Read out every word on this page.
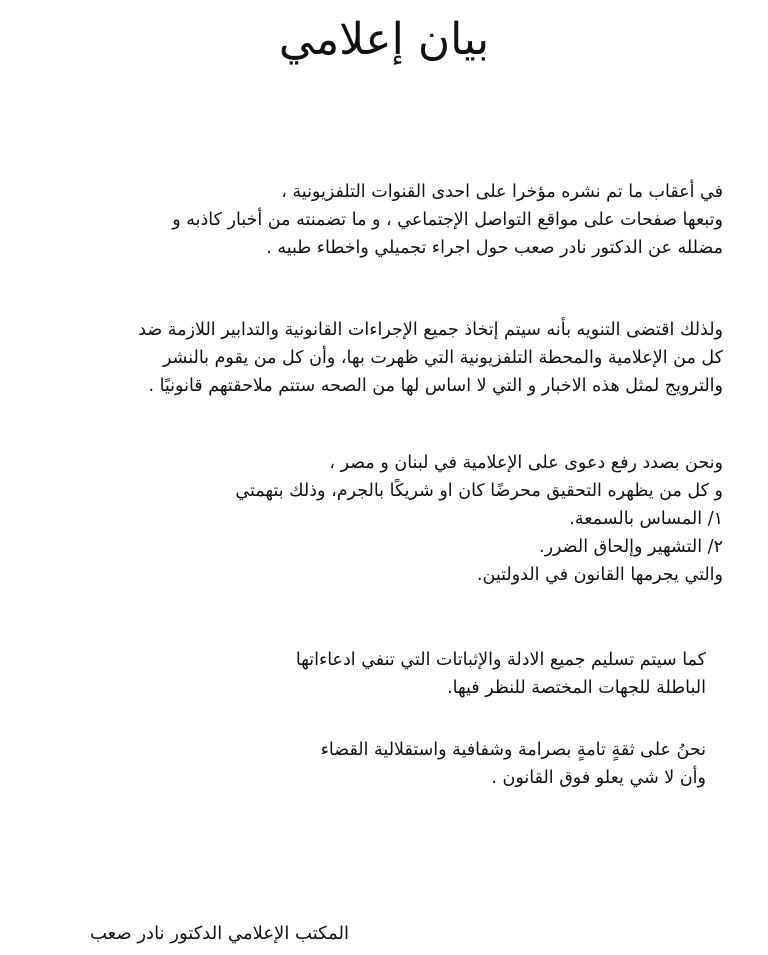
بيان إعلامي
في أعقاب ما تم نشره مؤخرا على احدى القنوات التلفزيونية ،
وتبعها صفحات على مواقع التواصل الإجتماعي ، و ما تضمنته من أخبار كاذبه و
مضلله عن الدكتور نادر صعب حول اجراء تجميلي واخطاء طبيه .
ولذلك اقتضى التنويه بأنه سيتم إتخاذ جميع الإجراءات القانونية والتدابير اللازمة ضد
كل من الإعلامية والمحطة التلفزيونية التي ظهرت بها، وأن كل من يقوم بالنشر
والترويج لمثل هذه الاخبار و التي لا اساس لها من الصحه ستتم ملاحقتهم قانونيًا .
ونحن بصدد رفع دعوى على الإعلامية في لبنان و مصر ،
و كل من يظهره التحقيق محرضًا كان او شريكًا بالجرم، وذلك بتهمتي
١/ المساس بالسمعة.
٢/ التشهير وإلحاق الضرر.
والتي يجرمها القانون في الدولتين.
كما سيتم تسليم جميع الادلة والإثباتات التي تنفي ادعاءاتها
الباطلة للجهات المختصة للنظر فيها.
نحنُ على ثقةٍ تامةٍ بصرامة وشفافية واستقلالية القضاء
وأن لا شي يعلو فوق القانون .
المكتب الإعلامي الدكتور نادر صعب
